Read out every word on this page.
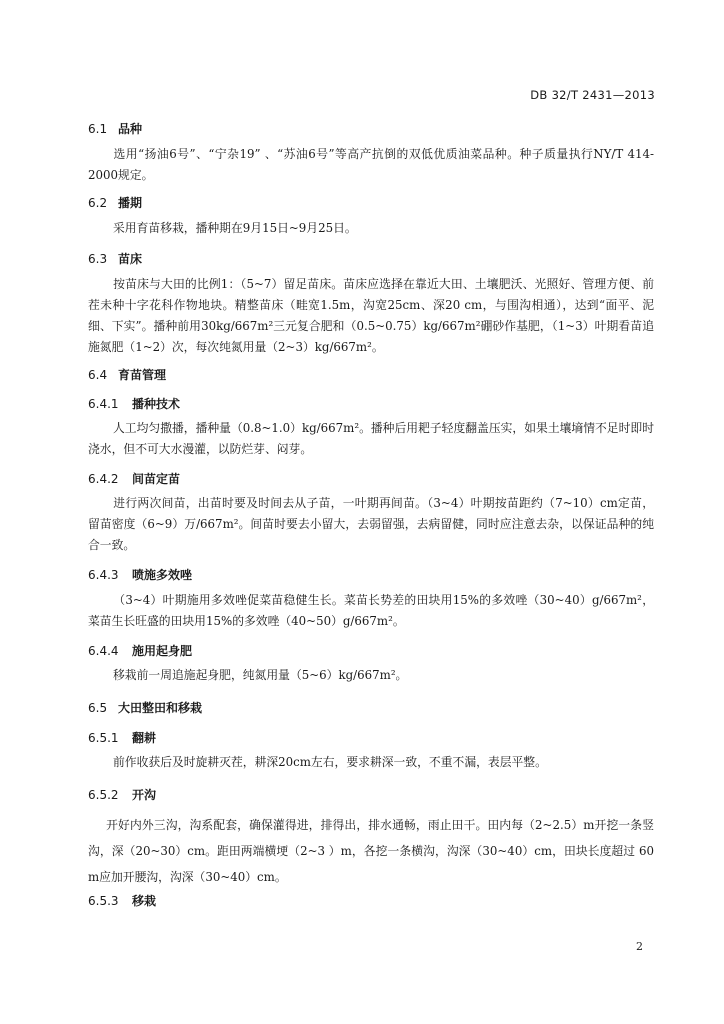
DB 32/T 2431—2013
6.1 品种

选用“扬油6号”、“宁杂19” 、“苏油6号”等高产抗倒的双低优质油菜品种。种子质量执行NY/T 414-2000规定。

6.2 播期

采用育苗移栽，播种期在9月15日~9月25日。

6.3 苗床

按苗床与大田的比例1：（5~7）留足苗床。苗床应选择在靠近大田、土壤肥沃、光照好、管理方便、前茬未种十字花科作物地块。精整苗床（畦宽1.5m，沟宽25cm、深20 cm，与围沟相通），达到“面平、泥细、下实”。播种前用30kg/667m²三元复合肥和（0.5~0.75）kg/667m²硼砂作基肥，（1~3）叶期看苗追施氮肥（1~2）次，每次纯氮用量（2~3）kg/667m²。

6.4 育苗管理
6.4.1 播种技术

人工均匀撒播，播种量（0.8~1.0）kg/667m²。播种后用耙子轻度翻盖压实，如果土壤墒情不足时即时浇水，但不可大水漫灌，以防烂芽、闷芽。

6.4.2 间苗定苗

进行两次间苗，出苗时要及时间去从子苗，一叶期再间苗。（3~4）叶期按苗距约（7~10）cm定苗，留苗密度（6~9）万/667m²。间苗时要去小留大，去弱留强，去病留健，同时应注意去杂，以保证品种的纯合一致。

6.4.3 喷施多效唑

（3~4）叶期施用多效唑促菜苗稳健生长。菜苗长势差的田块用15%的多效唑（30~40）g/667m²，菜苗生长旺盛的田块用15%的多效唑（40~50）g/667m²。

6.4.4 施用起身肥

移栽前一周追施起身肥，纯氮用量（5~6）kg/667m²。

6.5 大田整田和移栽
6.5.1 翻耕

前作收获后及时旋耕灭茬，耕深20cm左右，要求耕深一致，不重不漏，表层平整。

6.5.2 开沟

开好内外三沟，沟系配套，确保灌得进，排得出，排水通畅，雨止田干。田内每（2~2.5）m开挖一条竖沟，深（20~30）cm。距田两端横埂（2~3 ）m，各挖一条横沟，沟深（30~40）cm，田块长度超过 60 m应加开腰沟，沟深（30~40）cm。

6.5.3 移栽
2
